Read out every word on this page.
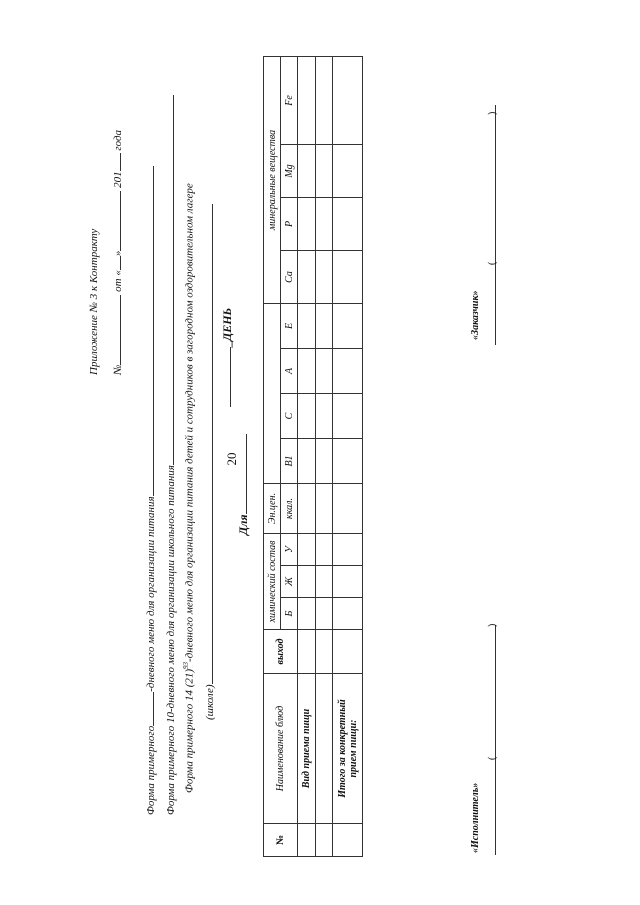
20
Приложение № 3 к Контракту № от «» 201 года
Форма примерного-дневного меню для организации питания Форма примерного 10-дневного меню для организации школьного питания Форма примерного 14 $(21)^{93}$-дневного меню для организации питания детей и сотрудников в загородном оздоровительном лагере
(школе)
_ДЕНЬ
Для
№	Наименование блюд	выход	химический состав			Эн.цен.					минеральные вещества			
			Б	Ж	У	ккал.	B1	C	A	E	Ca	P	Mg	Fe
	Вид приема пищи													

	Итого за конкретный прием пищи:													

«Исполнитель»
(
)
«Заказчик»
(
)
